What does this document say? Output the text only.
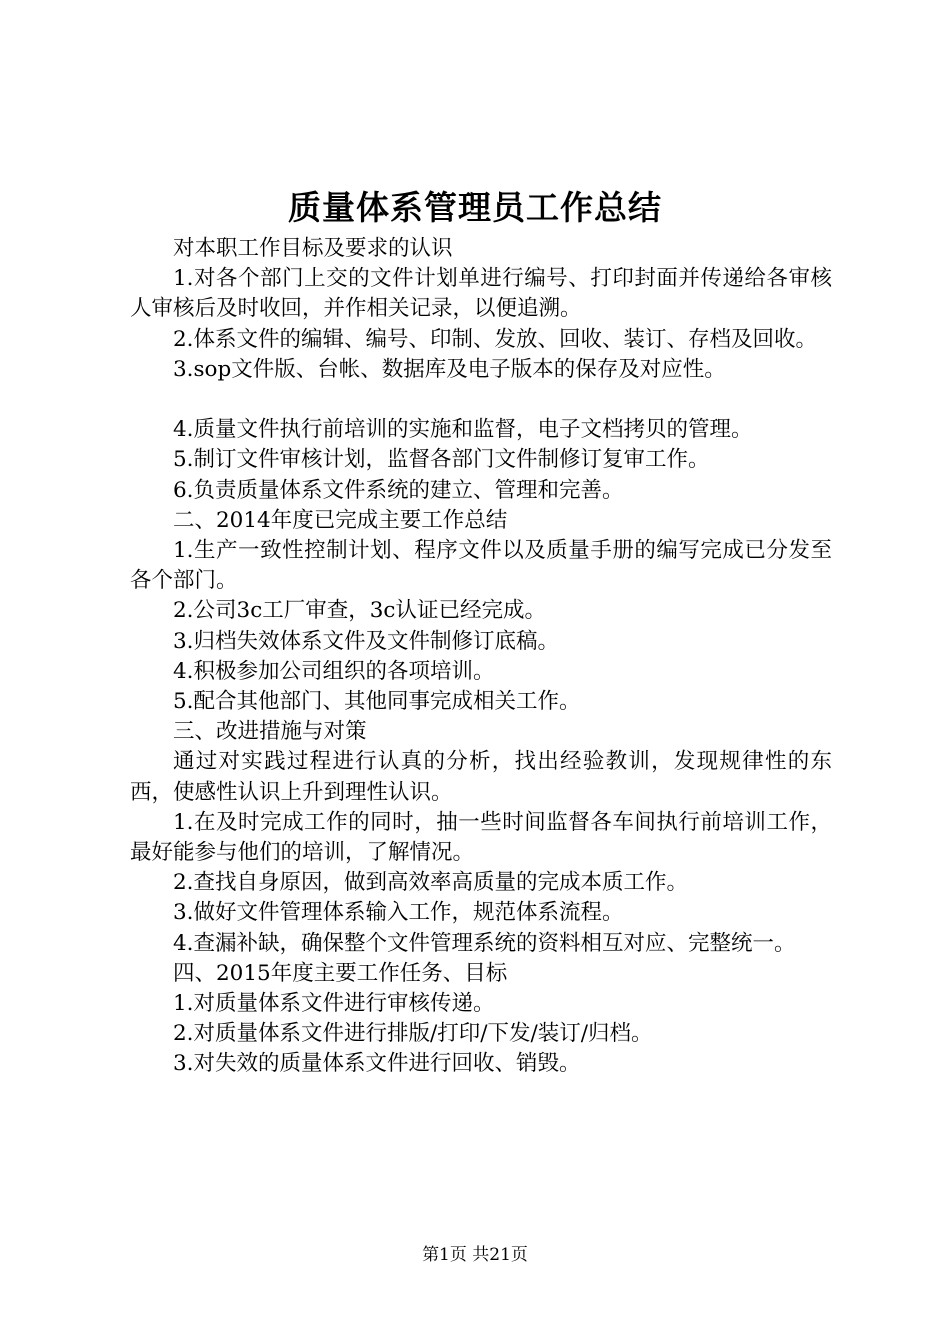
质量体系管理员工作总结

对本职工作目标及要求的认识

1.对各个部门上交的文件计划单进行编号、打印封面并传递给各审核人审核后及时收回，并作相关记录，以便追溯。

2.体系文件的编辑、编号、印制、发放、回收、装订、存档及回收。

3.sop文件版、台帐、数据库及电子版本的保存及对应性。

4.质量文件执行前培训的实施和监督，电子文档拷贝的管理。

5.制订文件审核计划，监督各部门文件制修订复审工作。

6.负责质量体系文件系统的建立、管理和完善。

二、2014年度已完成主要工作总结

1.生产一致性控制计划、程序文件以及质量手册的编写完成已分发至各个部门。

2.公司3c工厂审查，3c认证已经完成。

3.归档失效体系文件及文件制修订底稿。

4.积极参加公司组织的各项培训。

5.配合其他部门、其他同事完成相关工作。

三、改进措施与对策

通过对实践过程进行认真的分析，找出经验教训，发现规律性的东西，使感性认识上升到理性认识。

1.在及时完成工作的同时，抽一些时间监督各车间执行前培训工作，最好能参与他们的培训，了解情况。

2.查找自身原因，做到高效率高质量的完成本质工作。

3.做好文件管理体系输入工作，规范体系流程。

4.查漏补缺，确保整个文件管理系统的资料相互对应、完整统一。

四、2015年度主要工作任务、目标

1.对质量体系文件进行审核传递。

2.对质量体系文件进行排版/打印/下发/装订/归档。

3.对失效的质量体系文件进行回收、销毁。

第1页 共21页
